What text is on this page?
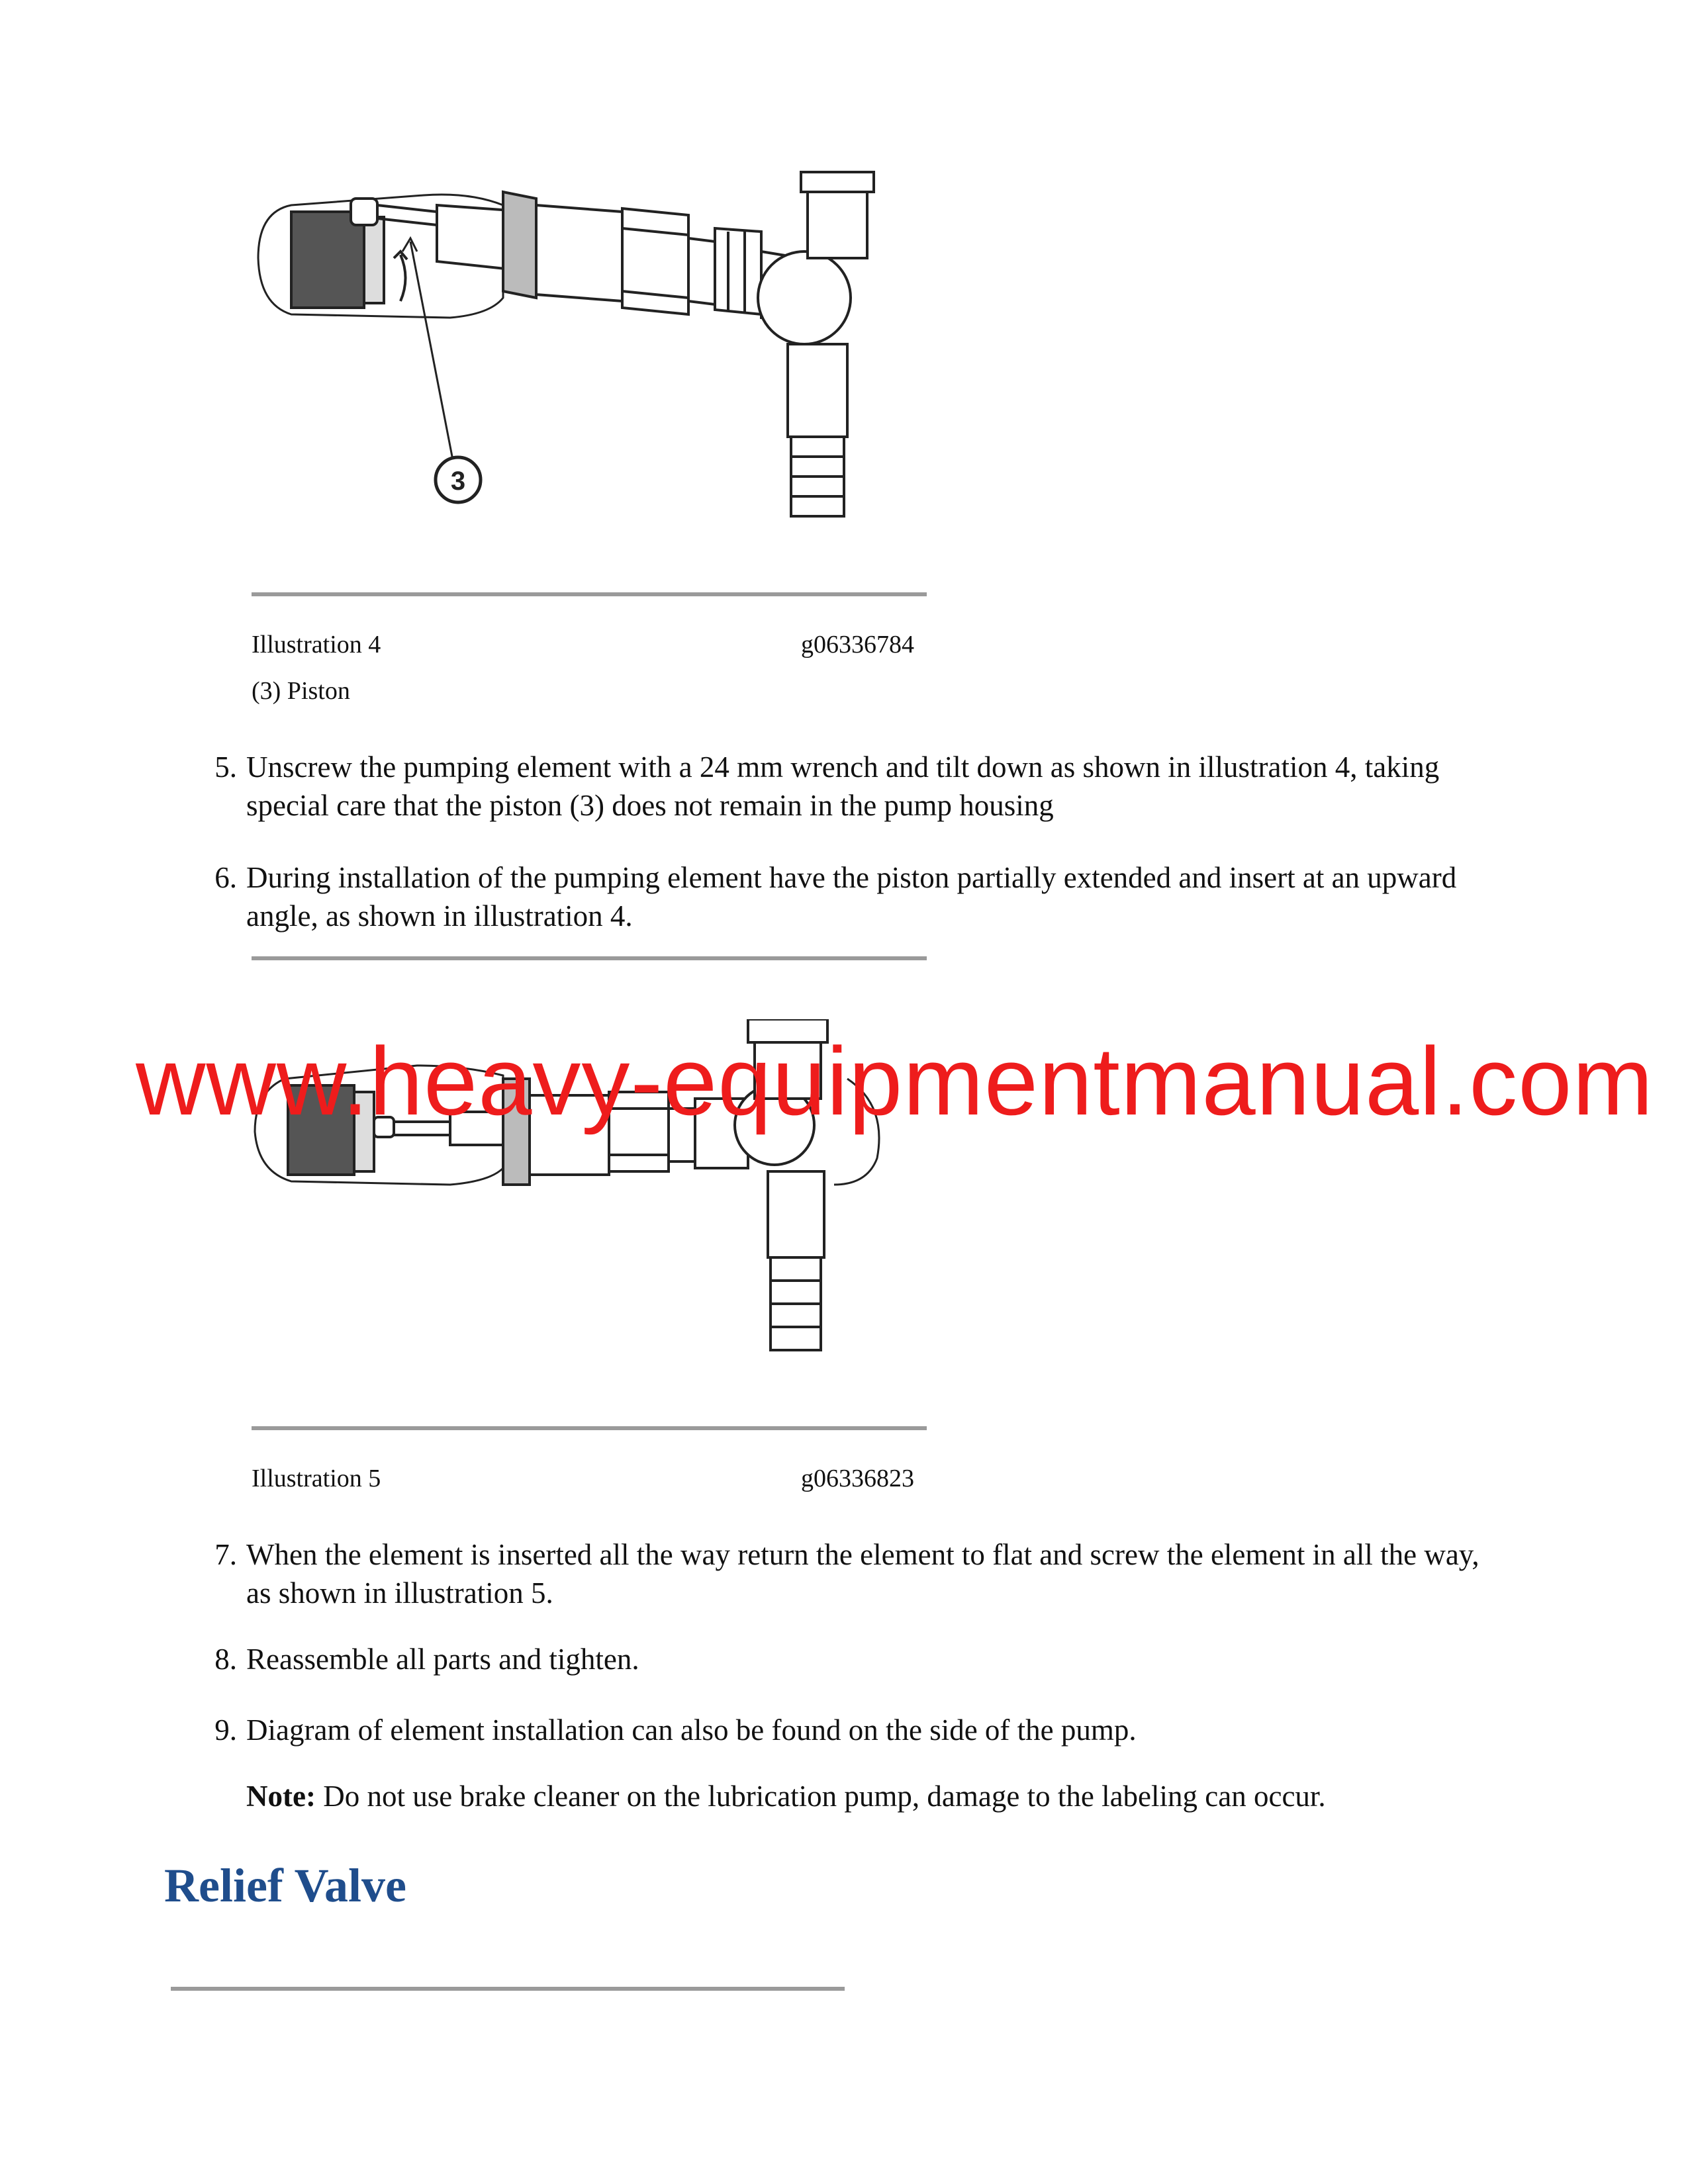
3
Illustration 4	g06336784
(3) Piston
5. Unscrew the pumping element with a 24 mm wrench and tilt down as shown in illustration 4, taking special care that the piston (3) does not remain in the pump housing
6. During installation of the pumping element have the piston partially extended and insert at an upward angle, as shown in illustration 4.
Illustration 5	g06336823
7. When the element is inserted all the way return the element to flat and screw the element in all the way, as shown in illustration 5.
8. Reassemble all parts and tighten.
9. Diagram of element installation can also be found on the side of the pump.
Note: Do not use brake cleaner on the lubrication pump, damage to the labeling can occur.
Relief Valve
www.heavy-equipmentmanual.com
